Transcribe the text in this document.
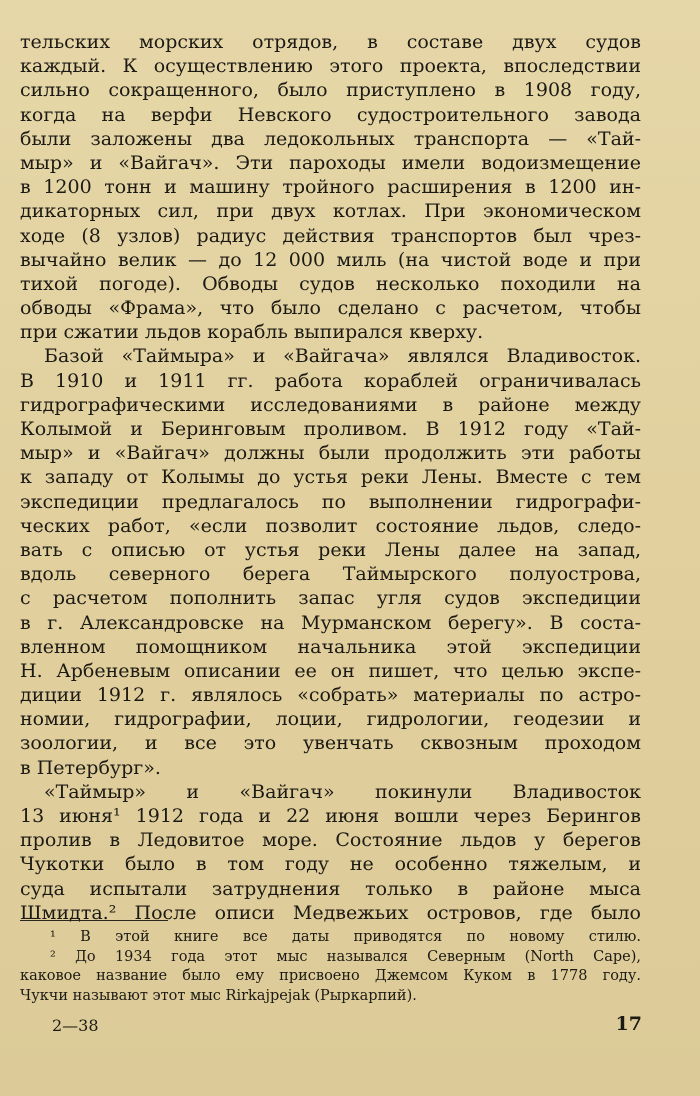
тельских морских отрядов, в составе двух судов
каждый. К осуществлению этого проекта, впоследствии
сильно сокращенного, было приступлено в 1908 году,
когда на верфи Невского судостроительного завода
были заложены два ледокольных транспорта — «Тай-
мыр» и «Вайгач». Эти пароходы имели водоизмещение
в 1200 тонн и машину тройного расширения в 1200 ин-
дикаторных сил, при двух котлах. При экономическом
ходе (8 узлов) радиус действия транспортов был чрез-
вычайно велик — до 12 000 миль (на чистой воде и при
тихой погоде). Обводы судов несколько походили на
обводы «Фрама», что было сделано с расчетом, чтобы
при сжатии льдов корабль выпирался кверху.
Базой «Таймыра» и «Вайгача» являлся Владивосток.
В 1910 и 1911 гг. работа кораблей ограничивалась
гидрографическими исследованиями в районе между
Колымой и Беринговым проливом. В 1912 году «Тай-
мыр» и «Вайгач» должны были продолжить эти работы
к западу от Колымы до устья реки Лены. Вместе с тем
экспедиции предлагалось по выполнении гидрографи-
ческих работ, «если позволит состояние льдов, следо-
вать с описью от устья реки Лены далее на запад,
вдоль северного берега Таймырского полуострова,
с расчетом пополнить запас угля судов экспедиции
в г. Александровске на Мурманском берегу». В соста-
вленном помощником начальника этой экспедиции
Н. Арбеневым описании ее он пишет, что целью экспе-
диции 1912 г. являлось «собрать» материалы по астро-
номии, гидрографии, лоции, гидрологии, геодезии и
зоологии, и все это увенчать сквозным проходом
в Петербург».
«Таймыр» и «Вайгач» покинули Владивосток
13 июня¹ 1912 года и 22 июня вошли через Берингов
пролив в Ледовитое море. Состояние льдов у берегов
Чукотки было в том году не особенно тяжелым, и
суда испытали затруднения только в районе мыса
Шмидта.² После описи Медвежьих островов, где было
¹ В этой книге все даты приводятся по новому стилю.
² До 1934 года этот мыс назывался Северным (North Cape),
каковое название было ему присвоено Джемсом Куком в 1778 году.
Чукчи называют этот мыс Rirkajpejak (Рыркарпий).
2—38	17
